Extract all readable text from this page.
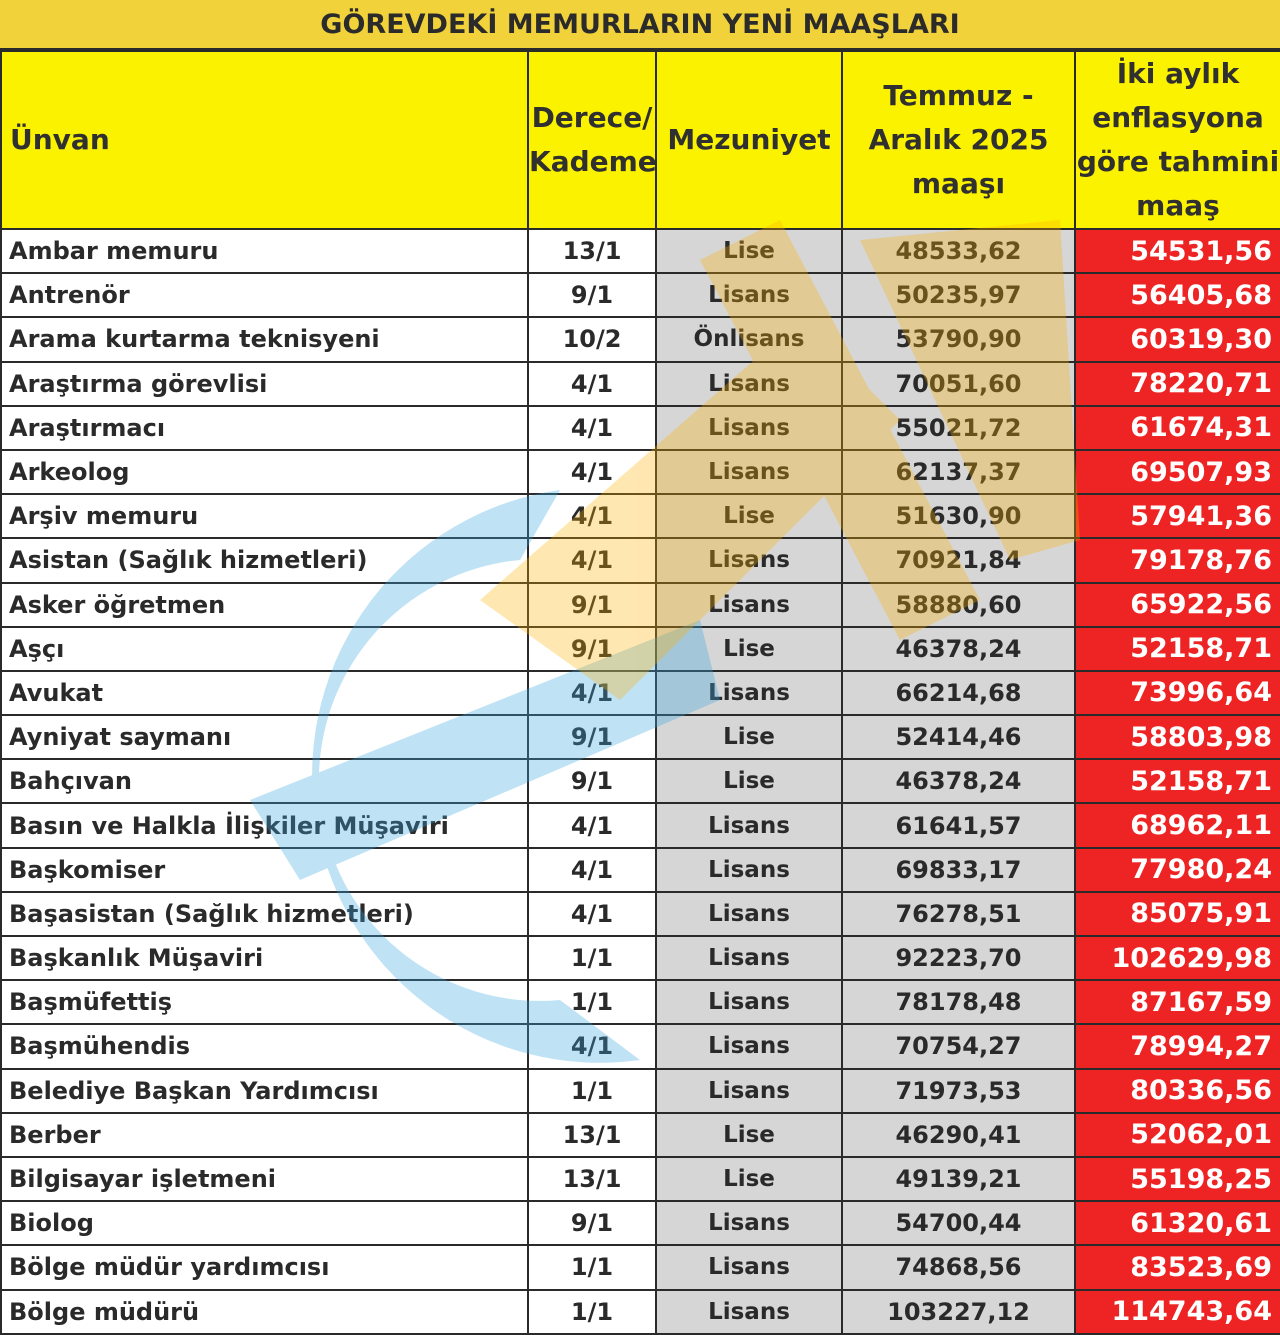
GÖREVDEKİ MEMURLARIN YENİ MAAŞLARI
Ünvan	Derece/ Kademe	Mezuniyet	Temmuz - Aralık 2025 maaşı	İki aylık enflasyona göre tahmini maaş
Ambar memuru	13/1	Lise	48533,62	54531,56
Antrenör	9/1	Lisans	50235,97	56405,68
Arama kurtarma teknisyeni	10/2	Önlisans	53790,90	60319,30
Araştırma görevlisi	4/1	Lisans	70051,60	78220,71
Araştırmacı	4/1	Lisans	55021,72	61674,31
Arkeolog	4/1	Lisans	62137,37	69507,93
Arşiv memuru	4/1	Lise	51630,90	57941,36
Asistan (Sağlık hizmetleri)	4/1	Lisans	70921,84	79178,76
Asker öğretmen	9/1	Lisans	58880,60	65922,56
Aşçı	9/1	Lise	46378,24	52158,71
Avukat	4/1	Lisans	66214,68	73996,64
Ayniyat saymanı	9/1	Lise	52414,46	58803,98
Bahçıvan	9/1	Lise	46378,24	52158,71
Basın ve Halkla İlişkiler Müşaviri	4/1	Lisans	61641,57	68962,11
Başkomiser	4/1	Lisans	69833,17	77980,24
Başasistan (Sağlık hizmetleri)	4/1	Lisans	76278,51	85075,91
Başkanlık Müşaviri	1/1	Lisans	92223,70	102629,98
Başmüfettiş	1/1	Lisans	78178,48	87167,59
Başmühendis	4/1	Lisans	70754,27	78994,27
Belediye Başkan Yardımcısı	1/1	Lisans	71973,53	80336,56
Berber	13/1	Lise	46290,41	52062,01
Bilgisayar işletmeni	13/1	Lise	49139,21	55198,25
Biolog	9/1	Lisans	54700,44	61320,61
Bölge müdür yardımcısı	1/1	Lisans	74868,56	83523,69
Bölge müdürü	1/1	Lisans	103227,12	114743,64
